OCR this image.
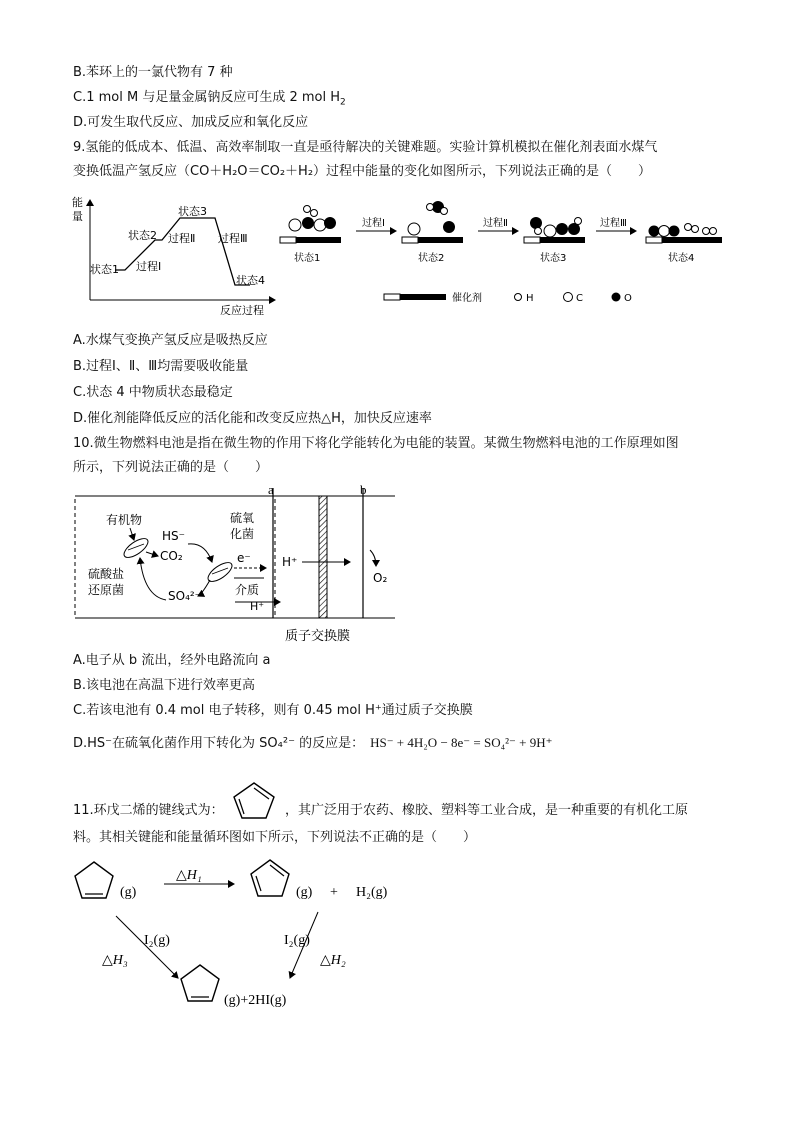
B.苯环上的一氯代物有 7 种
C.1 mol M 与足量金属钠反应可生成 2 mol $H_2$
D.可发生取代反应、加成反应和氧化反应
9.氢能的低成本、低温、高效率制取一直是亟待解决的关键难题。实验计算机模拟在催化剂表面水煤气
变换低温产氢反应（CO＋H₂O＝CO₂＋H₂）过程中能量的变化如图所示，下列说法正确的是（　　）
能
量
反应过程
状态1
状态2
状态3
状态4
过程Ⅰ
过程Ⅱ 过程Ⅲ
状态1
过程Ⅰ
状态2
过程Ⅱ
状态3
过程Ⅲ
状态4
催化剂	H	C	O
A.水煤气变换产氢反应是吸热反应
B.过程Ⅰ、Ⅱ、Ⅲ均需要吸收能量
C.状态 4 中物质状态最稳定
D.催化剂能降低反应的活化能和改变反应热△H，加快反应速率
10.微生物燃料电池是指在微生物的作用下将化学能转化为电能的装置。某微生物燃料电池的工作原理如图
所示，下列说法正确的是（　　）
a	b
有机物
HS⁻
CO₂
硫氧
化菌
e⁻
介质
硫酸盐
还原菌	SO₄²⁻
H⁺
H⁺
O₂
质子交换膜
A.电子从 b 流出，经外电路流向 a
B.该电池在高温下进行效率更高
C.若该电池有 0.4 mol 电子转移，则有 0.45 mol H⁺通过质子交换膜
D.HS⁻在硫氧化菌作用下转化为 SO₄²⁻ 的反应是： HS⁻ + 4H₂O − 8e⁻ = SO₄²⁻ + 9H⁺
11.环戊二烯的键线式为：	，其广泛用于农药、橡胶、塑料等工业合成，是一种重要的有机化工原
料。其相关键能和能量循环图如下所示，下列说法不正确的是（　　）
(g)
△H₁
(g) + H₂(g)
I₂(g)
△H₃
I₂(g)
△H₂
(g)+2HI(g)
